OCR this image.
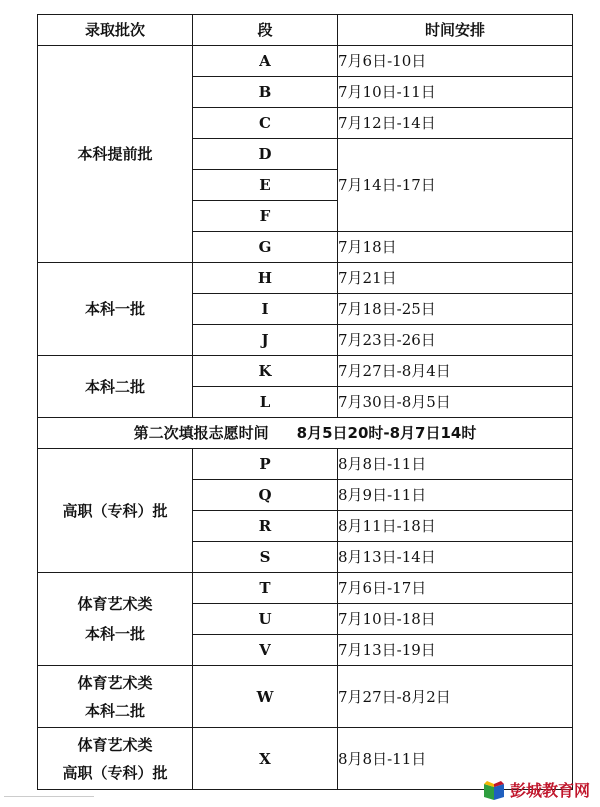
录取批次	段	时间安排
本科提前批	A	7月6日-10日
	B	7月10日-11日
	C	7月12日-14日
	D	7月14日-17日
	E	
	F	
	G	7月18日
本科一批	H	7月21日
	I	7月18日-25日
	J	7月23日-26日
本科二批	K	7月27日-8月4日
	L	7月30日-8月5日
第二次填报志愿时间 8月5日20时-8月7日14时		
高职（专科）批	P	8月8日-11日
	Q	8月9日-11日
	R	8月11日-18日
	S	8月13日-14日

体育艺术类
本科一批	T	7月6日-17日
	U	7月10日-18日
	V	7月13日-19日

体育艺术类
本科二批	W	7月27日-8月2日

体育艺术类
高职（专科）批	X	8月8日-11日
彭城教育网
